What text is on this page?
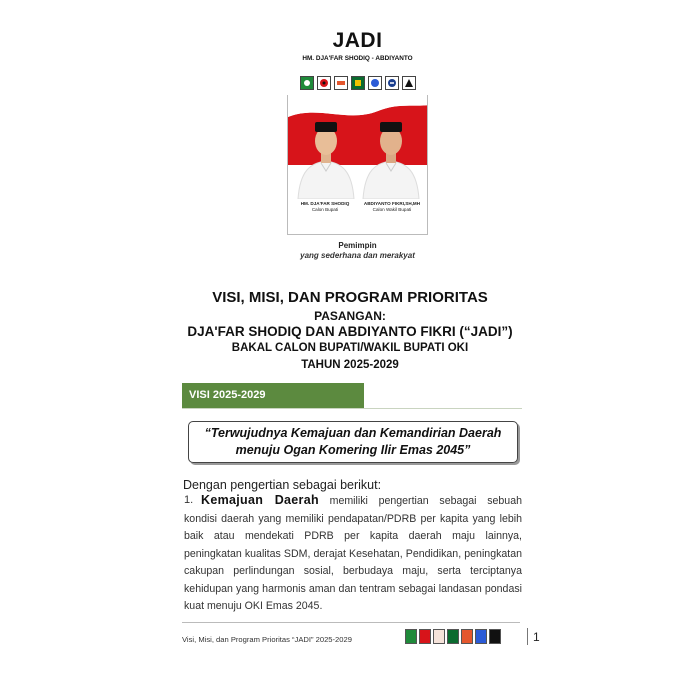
JADI
HM. DJA'FAR SHODIQ - ABDIYANTO
HM. DJA'FAR SHODIQ
Calon Bupati
ABDIYANTO FIKRI,SH,MH
Calon Wakil Bupati
Pemimpin
yang sederhana dan merakyat
VISI, MISI, DAN PROGRAM PRIORITAS
PASANGAN:
DJA'FAR SHODIQ DAN ABDIYANTO FIKRI (“JADI”)
BAKAL CALON BUPATI/WAKIL BUPATI OKI
TAHUN 2025-2029
VISI 2025-2029
“Terwujudnya Kemajuan dan Kemandirian Daerah
menuju Ogan Komering Ilir Emas 2045”
Dengan pengertian sebagai berikut:
1. Kemajuan Daerah memiliki pengertian sebagai sebuah
kondisi daerah yang memiliki pendapatan/PDRB per kapita yang lebih baik atau mendekati PDRB per kapita daerah maju lainnya, peningkatan kualitas SDM, derajat Kesehatan, Pendidikan, peningkatan cakupan perlindungan sosial, berbudaya maju, serta terciptanya kehidupan yang harmonis aman dan tentram sebagai landasan pondasi kuat menuju OKI Emas 2045.
Visi, Misi, dan Program Prioritas “JADI” 2025-2029	1
